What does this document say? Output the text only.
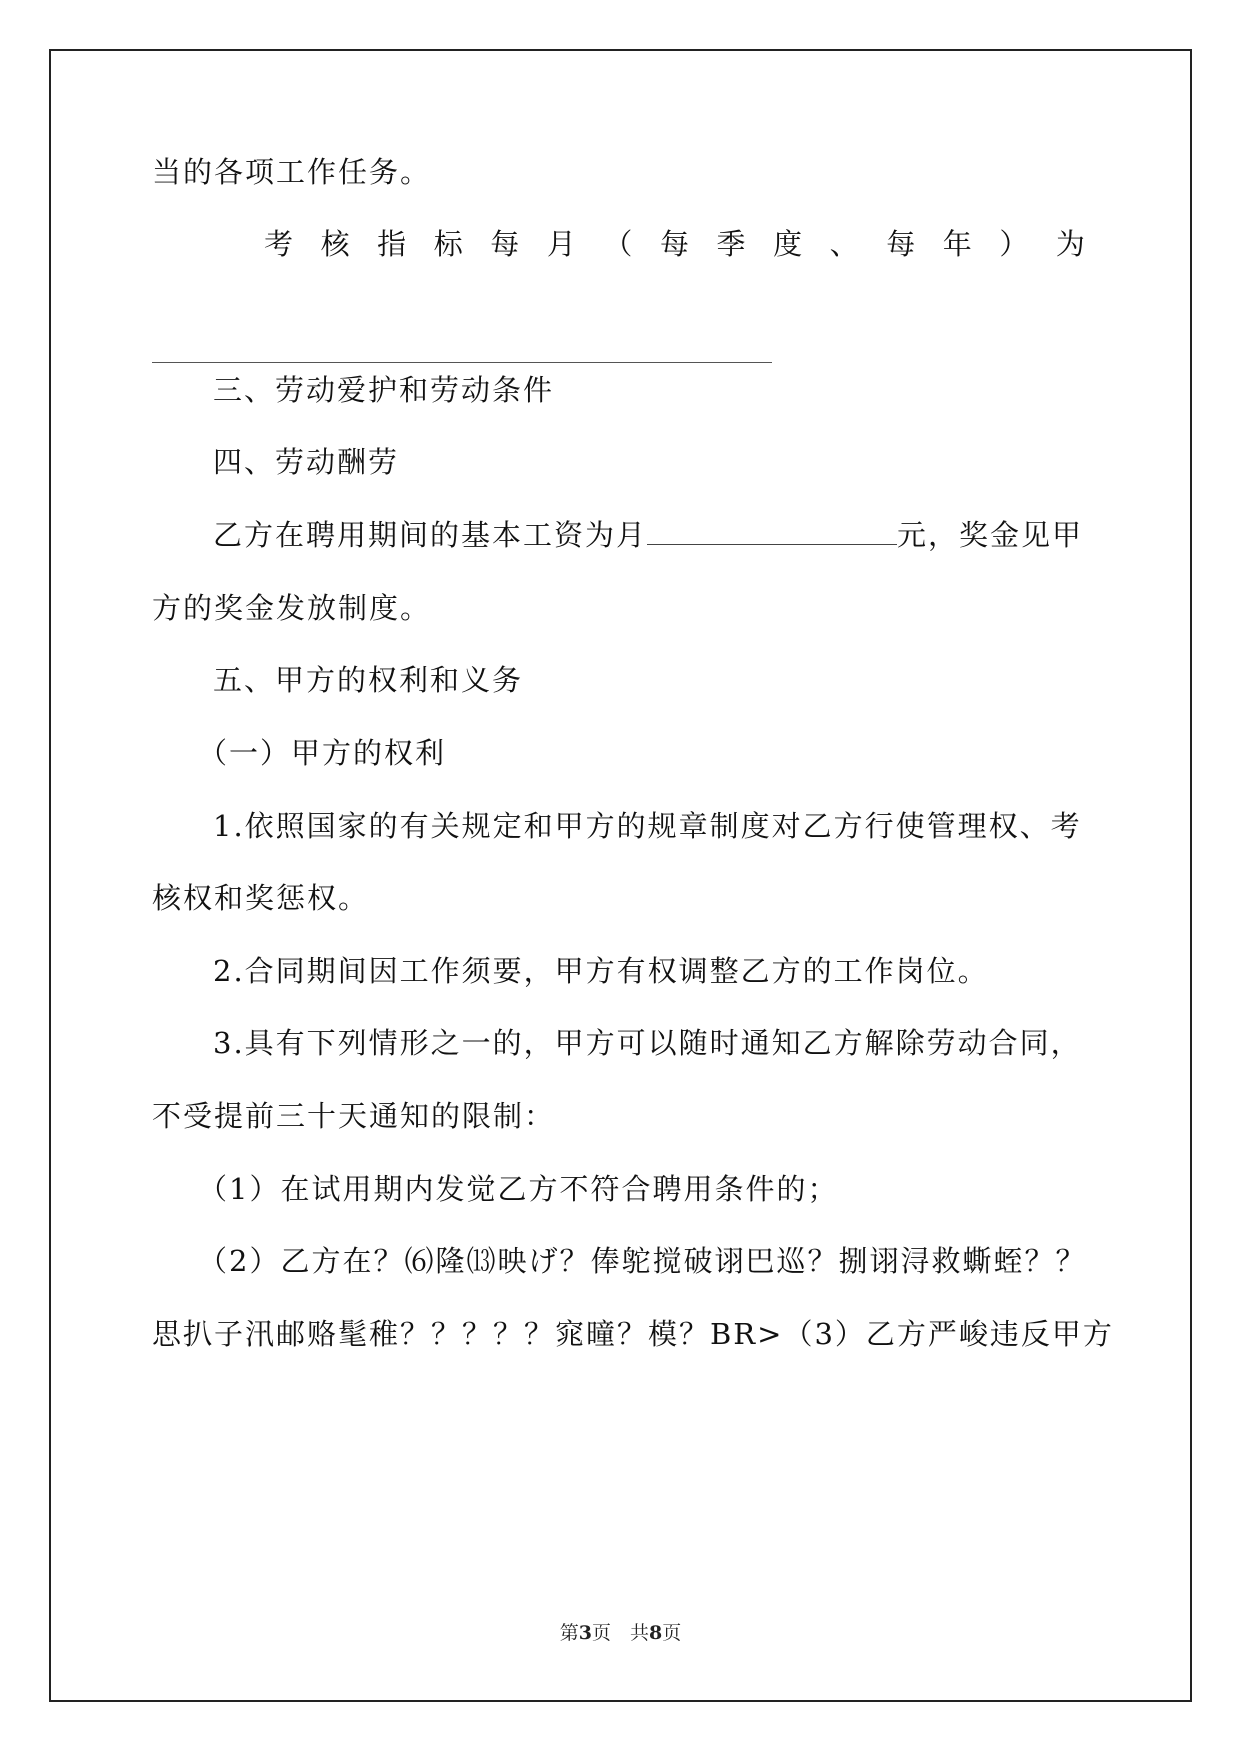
当的各项工作任务。
考 核 指 标 每 月 （ 每 季 度 、 每 年 ） 为
三、劳动爱护和劳动条件
四、劳动酬劳
乙方在聘用期间的基本工资为月	元，奖金见甲
方的奖金发放制度。
五、甲方的权利和义务
（一）甲方的权利
1.依照国家的有关规定和甲方的规章制度对乙方行使管理权、考
核权和奖惩权。
2.合同期间因工作须要，甲方有权调整乙方的工作岗位。
3.具有下列情形之一的，甲方可以随时通知乙方解除劳动合同，
不受提前三十天通知的限制：
（1）在试用期内发觉乙方不符合聘用条件的；
（2）乙方在？⑹隆⒀映げ？俸鸵搅破诩巴巡？捌诩浔救蟖蛭？？
思扒子汛邮赂髦稚？？？？？窕曈？模？BR>（3）乙方严峻违反甲方
第3页　共8页
